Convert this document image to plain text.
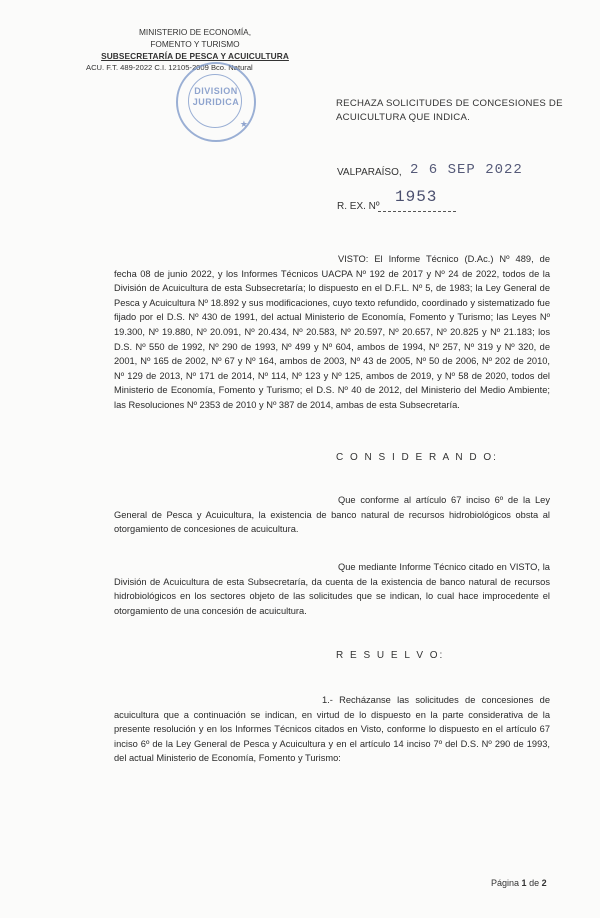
MINISTERIO DE ECONOMÍA,
FOMENTO Y TURISMO
SUBSECRETARÍA DE PESCA Y ACUICULTURA
ACU. F.T. 489-2022 C.I. 12105-2009 Bco. Natural
DIVISION
JURIDICA
★
RECHAZA SOLICITUDES DE CONCESIONES DE ACUICULTURA QUE INDICA.
VALPARAÍSO, 2 6 SEP 2022
R. EX. Nº
1953
VISTO: El Informe Técnico (D.Ac.) Nº 489, de fecha 08 de junio 2022, y los Informes Técnicos UACPA Nº 192 de 2017 y Nº 24 de 2022, todos de la División de Acuicultura de esta Subsecretaría; lo dispuesto en el D.F.L. Nº 5, de 1983; la Ley General de Pesca y Acuicultura Nº 18.892 y sus modificaciones, cuyo texto refundido, coordinado y sistematizado fue fijado por el D.S. Nº 430 de 1991, del actual Ministerio de Economía, Fomento y Turismo; las Leyes Nº 19.300, Nº 19.880, Nº 20.091, Nº 20.434, Nº 20.583, Nº 20.597, Nº 20.657, Nº 20.825 y Nº 21.183; los D.S. Nº 550 de 1992, Nº 290 de 1993, Nº 499 y Nº 604, ambos de 1994, Nº 257, Nº 319 y Nº 320, de 2001, Nº 165 de 2002, Nº 67 y Nº 164, ambos de 2003, Nº 43 de 2005, Nº 50 de 2006, Nº 202 de 2010, Nº 129 de 2013, Nº 171 de 2014, Nº 114, Nº 123 y Nº 125, ambos de 2019, y Nº 58 de 2020, todos del Ministerio de Economía, Fomento y Turismo; el D.S. Nº 40 de 2012, del Ministerio del Medio Ambiente; las Resoluciones Nº 2353 de 2010 y Nº 387 de 2014, ambas de esta Subsecretaría.
C O N S I D E R A N D O:
Que conforme al artículo 67 inciso 6º de la Ley General de Pesca y Acuicultura, la existencia de banco natural de recursos hidrobiológicos obsta al otorgamiento de concesiones de acuicultura.
Que mediante Informe Técnico citado en VISTO, la División de Acuicultura de esta Subsecretaría, da cuenta de la existencia de banco natural de recursos hidrobiológicos en los sectores objeto de las solicitudes que se indican, lo cual hace improcedente el otorgamiento de una concesión de acuicultura.
R E S U E L V O:
1.- Recházanse las solicitudes de concesiones de acuicultura que a continuación se indican, en virtud de lo dispuesto en la parte considerativa de la presente resolución y en los Informes Técnicos citados en Visto, conforme lo dispuesto en el artículo 67 inciso 6º de la Ley General de Pesca y Acuicultura y en el artículo 14 inciso 7º del D.S. Nº 290 de 1993, del actual Ministerio de Economía, Fomento y Turismo:
Página 1 de 2
